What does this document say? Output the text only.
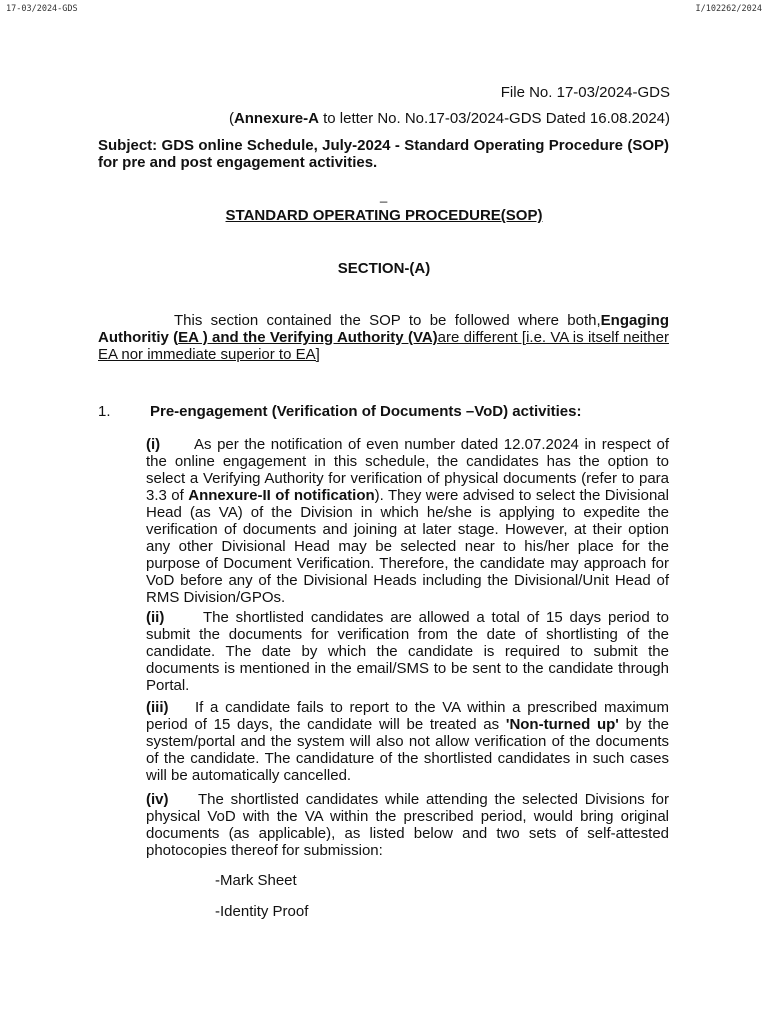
17-03/2024-GDS	I/102262/2024
File No. 17-03/2024-GDS
(Annexure-A to letter No. No.17-03/2024-GDS Dated 16.08.2024)
Subject: GDS online Schedule, July-2024 - Standard Operating Procedure (SOP) for pre and post engagement activities.
_
STANDARD OPERATING PROCEDURE(SOP)
SECTION-(A)
This section contained the SOP to be followed where both,Engaging Authoritiy (EA ) and the Verifying Authority (VA)are different [i.e. VA is itself neither EA nor immediate superior to EA]
1.	Pre-engagement (Verification of Documents –VoD) activities:
(i) As per the notification of even number dated 12.07.2024 in respect of the online engagement in this schedule, the candidates has the option to select a Verifying Authority for verification of physical documents (refer to para 3.3 of Annexure-II of notification). They were advised to select the Divisional Head (as VA) of the Division in which he/she is applying to expedite the verification of documents and joining at later stage. However, at their option any other Divisional Head may be selected near to his/her place for the purpose of Document Verification. Therefore, the candidate may approach for VoD before any of the Divisional Heads including the Divisional/Unit Head of RMS Division/GPOs.
(ii)	The shortlisted candidates are allowed a total of 15 days period to submit the documents for verification from the date of shortlisting of the candidate. The date by which the candidate is required to submit the documents is mentioned in the email/SMS to be sent to the candidate through Portal.
(iii) If a candidate fails to report to the VA within a prescribed maximum period of 15 days, the candidate will be treated as 'Non-turned up' by the system/portal and the system will also not allow verification of the documents of the candidate. The candidature of the shortlisted candidates in such cases will be automatically cancelled.
(iv) The shortlisted candidates while attending the selected Divisions for physical VoD with the VA within the prescribed period, would bring original documents (as applicable), as listed below and two sets of self-attested photocopies thereof for submission:
-Mark Sheet
-Identity Proof
